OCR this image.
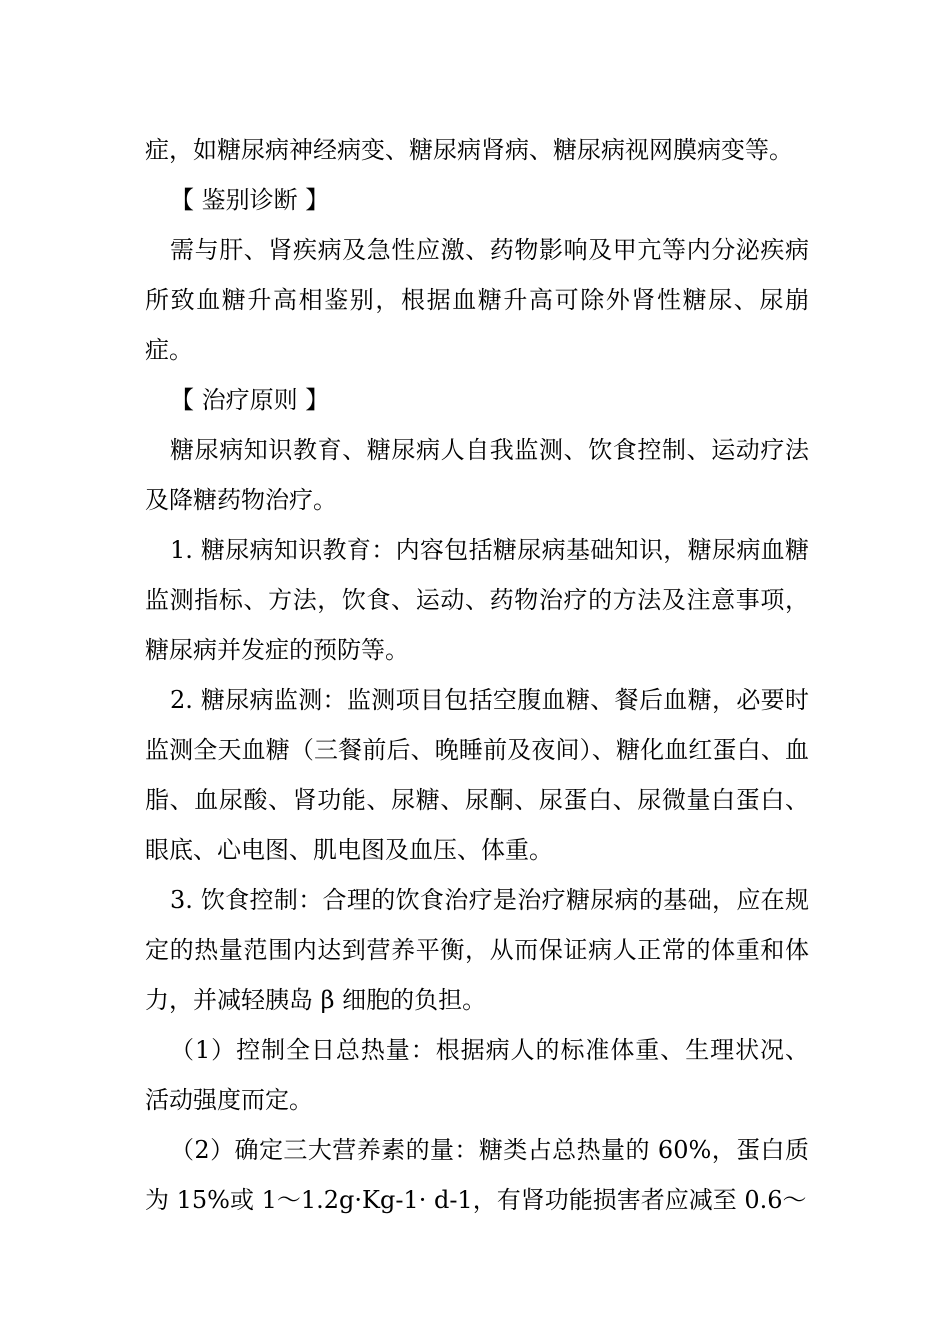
症，如糖尿病神经病变、糖尿病肾病、糖尿病视网膜病变等。

【 鉴别诊断 】

需与肝、肾疾病及急性应激、药物影响及甲亢等内分泌疾病所致血糖升高相鉴别，根据血糖升高可除外肾性糖尿、尿崩症。

【 治疗原则 】

糖尿病知识教育、糖尿病人自我监测、饮食控制、运动疗法及降糖药物治疗。

1. 糖尿病知识教育：内容包括糖尿病基础知识，糖尿病血糖监测指标、方法，饮食、运动、药物治疗的方法及注意事项，糖尿病并发症的预防等。

2. 糖尿病监测：监测项目包括空腹血糖、餐后血糖，必要时监测全天血糖（三餐前后、晚睡前及夜间）、糖化血红蛋白、血脂、血尿酸、肾功能、尿糖、尿酮、尿蛋白、尿微量白蛋白、眼底、心电图、肌电图及血压、体重。

3. 饮食控制：合理的饮食治疗是治疗糖尿病的基础，应在规定的热量范围内达到营养平衡，从而保证病人正常的体重和体力，并减轻胰岛 β 细胞的负担。

（1）控制全日总热量：根据病人的标准体重、生理状况、活动强度而定。

（2）确定三大营养素的量：糖类占总热量的 60%，蛋白质为 15%或 1～1.2g·Kg-1· d-1，有肾功能损害者应减至 0.6～
